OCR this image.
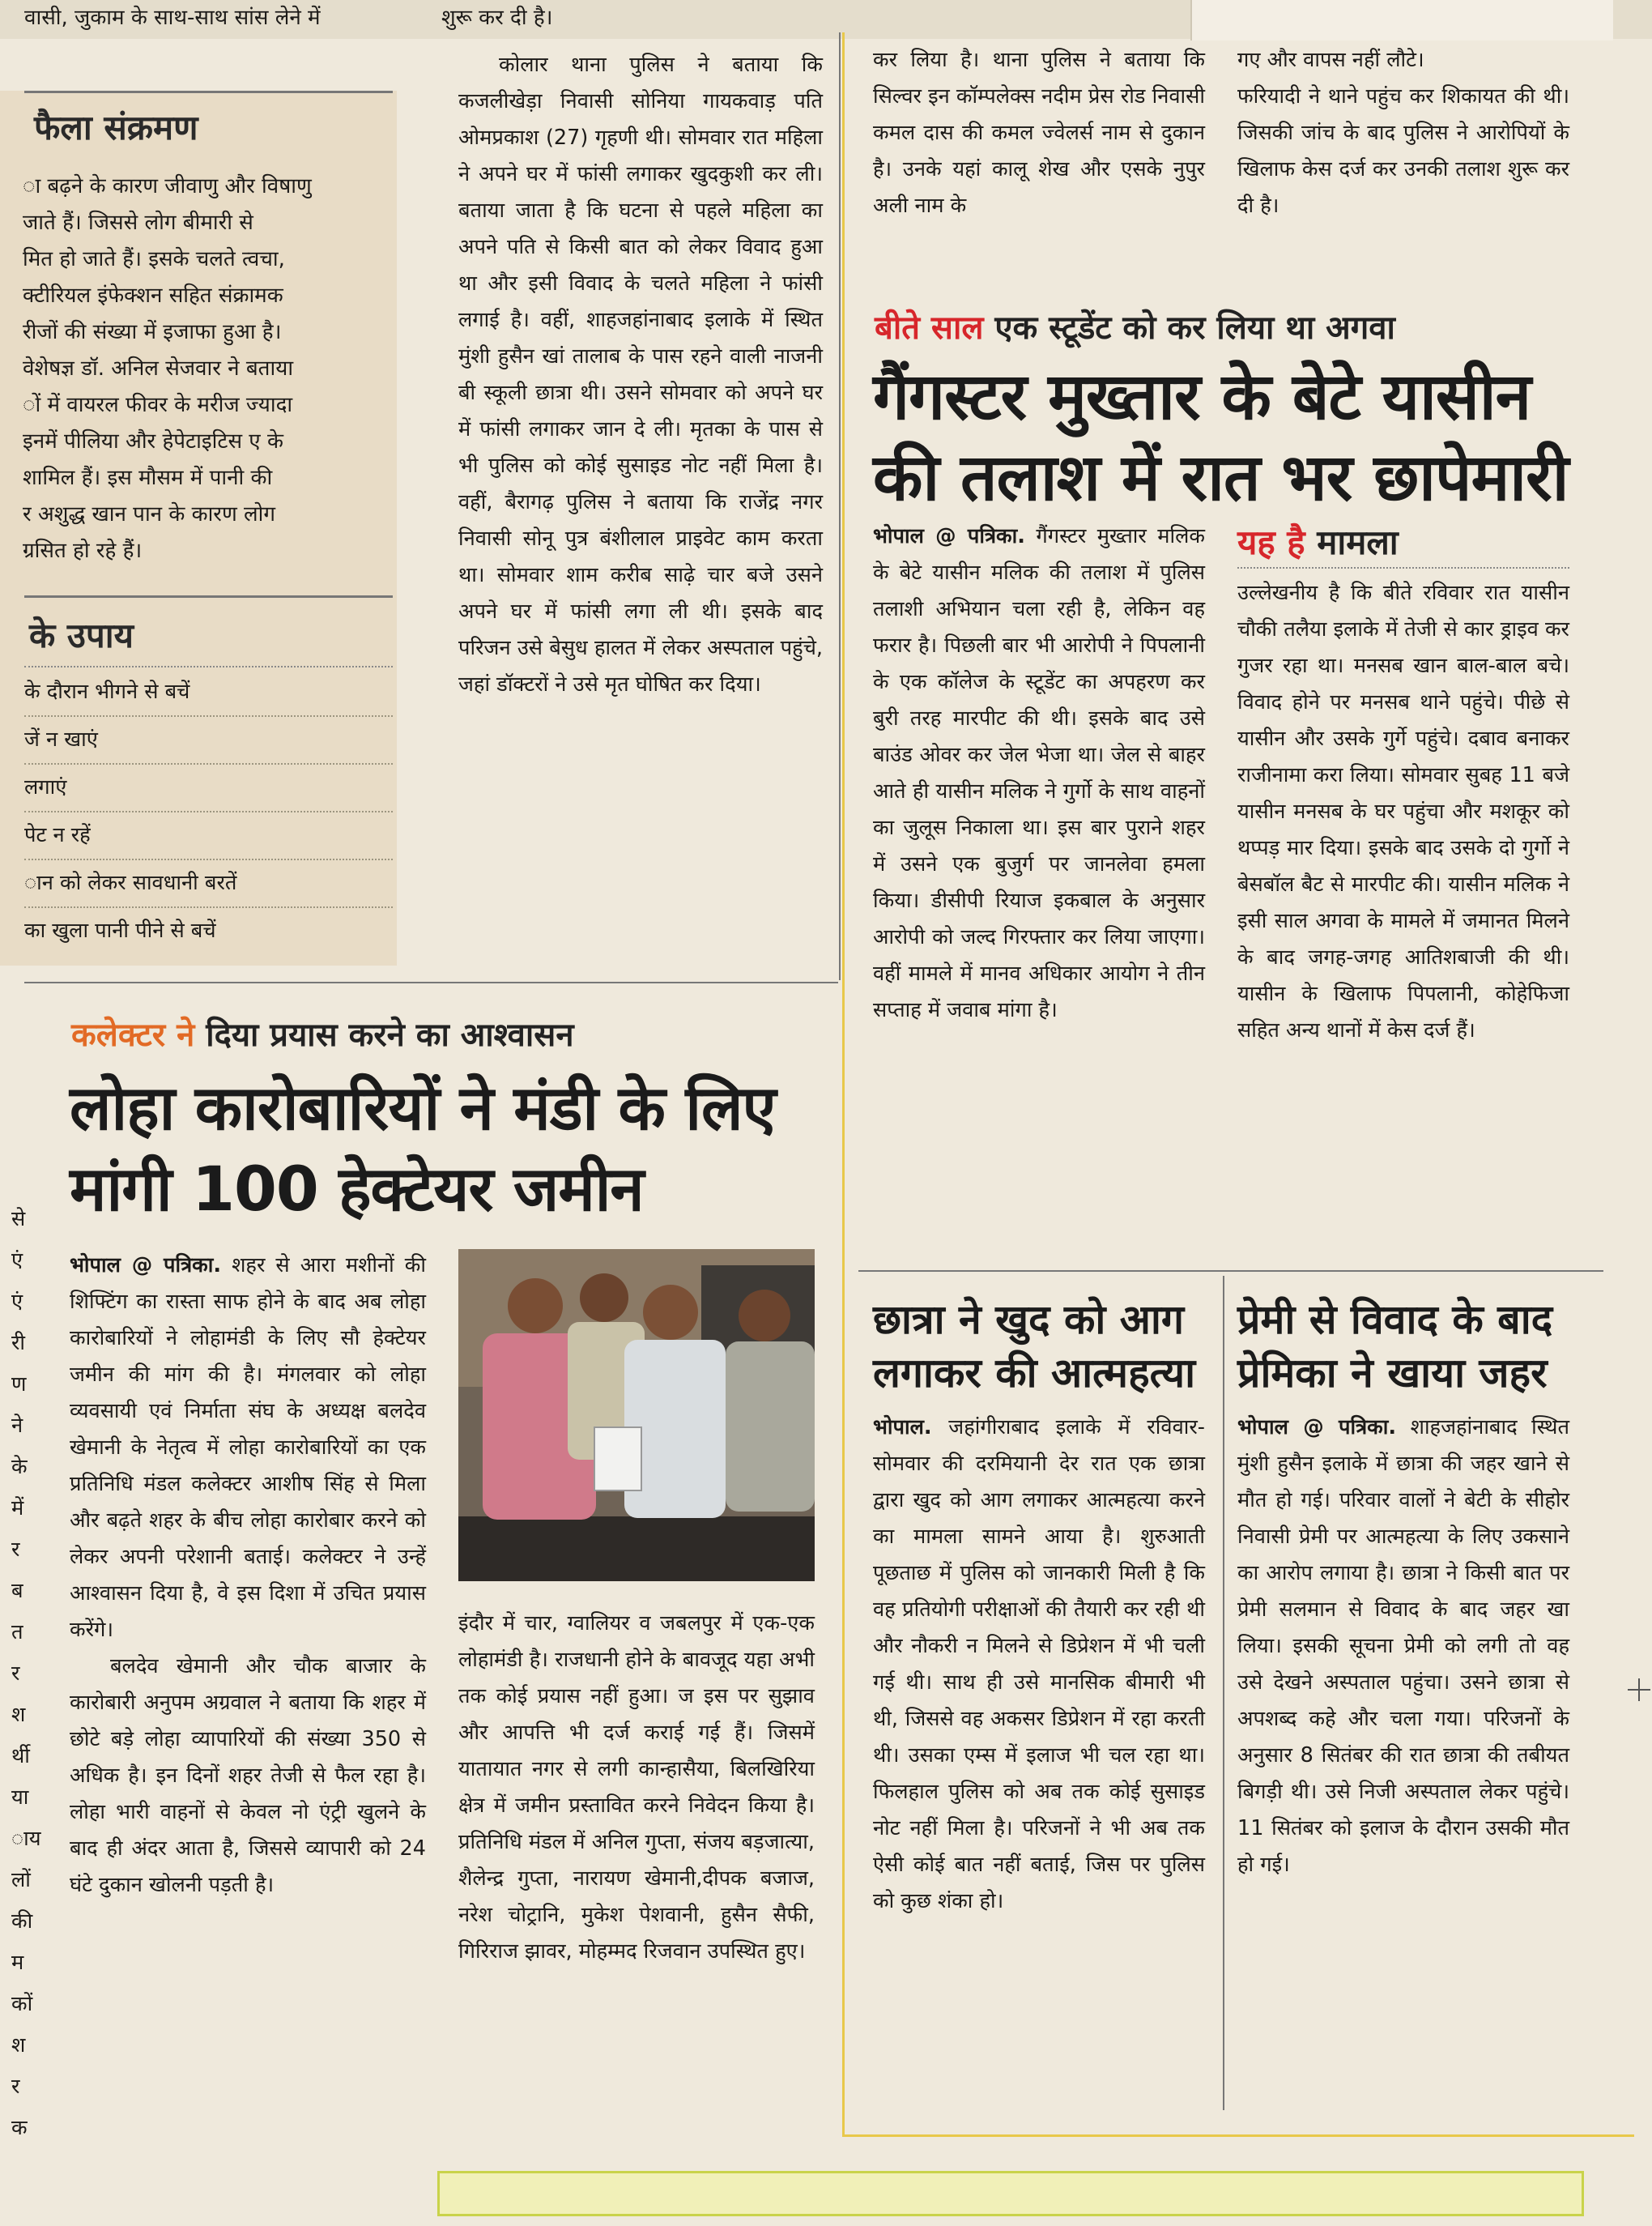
वासी, जुकाम के साथ-साथ सांस लेने में	शुरू कर दी है।
गए और वापस नहीं लौटे।
फैला संक्रमण
ा बढ़ने के कारण जीवाणु और विषाणु
जाते हैं। जिससे लोग बीमारी से
मित हो जाते हैं। इसके चलते त्वचा,
क्टीरियल इंफेक्शन सहित संक्रामक
रीजों की संख्या में इजाफा हुआ है।
वेशेषज्ञ डॉ. अनिल सेजवार ने बताया
ों में वायरल फीवर के मरीज ज्यादा
इनमें पीलिया और हेपेटाइटिस ए के
शामिल हैं। इस मौसम में पानी की
र अशुद्ध खान पान के कारण लोग
ग्रसित हो रहे हैं।
के उपाय
के दौरान भीगने से बचें
जें न खाएं
लगाएं
पेट न रहें
ान को लेकर सावधानी बरतें
का खुला पानी पीने से बचें

कोलार थाना पुलिस ने बताया कि कजलीखेड़ा निवासी सोनिया गायकवाड़ पति ओमप्रकाश (27) गृहणी थी। सोमवार रात महिला ने अपने घर में फांसी लगाकर खुदकुशी कर ली। बताया जाता है कि घटना से पहले महिला का अपने पति से किसी बात को लेकर विवाद हुआ था और इसी विवाद के चलते महिला ने फांसी लगाई है। वहीं, शाहजहांनाबाद इलाके में स्थित मुंशी हुसैन खां तालाब के पास रहने वाली नाजनी बी स्कूली छात्रा थी। उसने सोमवार को अपने घर में फांसी लगाकर जान दे ली। मृतका के पास से भी पुलिस को कोई सुसाइड नोट नहीं मिला है। वहीं, बैरागढ़ पुलिस ने बताया कि राजेंद्र नगर निवासी सोनू पुत्र बंशीलाल प्राइवेट काम करता था। सोमवार शाम करीब साढ़े चार बजे उसने अपने घर में फांसी लगा ली थी। इसके बाद परिजन उसे बेसुध हालत में लेकर अस्पताल पहुंचे, जहां डॉक्टरों ने उसे मृत घोषित कर दिया।

कर लिया है। थाना पुलिस ने बताया कि सिल्वर इन कॉम्पलेक्स नदीम प्रेस रोड निवासी कमल दास की कमल ज्वेलर्स नाम से दुकान है। उनके यहां कालू शेख और एसके नुपुर अली नाम के

फरियादी ने थाने पहुंच कर शिकायत की थी। जिसकी जांच के बाद पुलिस ने आरोपियों के खिलाफ केस दर्ज कर उनकी तलाश शुरू कर दी है।

बीते साल एक स्टूडेंट को कर लिया था अगवा
गैंगस्टर मुख्तार के बेटे यासीन
की तलाश में रात भर छापेमारी

भोपाल @ पत्रिका. गैंगस्टर मुख्तार मलिक के बेटे यासीन मलिक की तलाश में पुलिस तलाशी अभियान चला रही है, लेकिन वह फरार है। पिछली बार भी आरोपी ने पिपलानी के एक कॉलेज के स्टूडेंट का अपहरण कर बुरी तरह मारपीट की थी। इसके बाद उसे बाउंड ओवर कर जेल भेजा था। जेल से बाहर आते ही यासीन मलिक ने गुर्गो के साथ वाहनों का जुलूस निकाला था। इस बार पुराने शहर में उसने एक बुजुर्ग पर जानलेवा हमला किया। डीसीपी रियाज इकबाल के अनुसार आरोपी को जल्द गिरफ्तार कर लिया जाएगा। वहीं मामले में मानव अधिकार आयोग ने तीन सप्ताह में जवाब मांगा है।

यह है मामला

उल्लेखनीय है कि बीते रविवार रात यासीन चौकी तलैया इलाके में तेजी से कार ड्राइव कर गुजर रहा था। मनसब खान बाल-बाल बचे। विवाद होने पर मनसब थाने पहुंचे। पीछे से यासीन और उसके गुर्गे पहुंचे। दबाव बनाकर राजीनामा करा लिया। सोमवार सुबह 11 बजे यासीन मनसब के घर पहुंचा और मशकूर को थप्पड़ मार दिया। इसके बाद उसके दो गुर्गो ने बेसबॉल बैट से मारपीट की। यासीन मलिक ने इसी साल अगवा के मामले में जमानत मिलने के बाद जगह-जगह आतिशबाजी की थी। यासीन के खिलाफ पिपलानी, कोहेफिजा सहित अन्य थानों में केस दर्ज हैं।

कलेक्टर ने दिया प्रयास करने का आश्वासन
लोहा कारोबारियों ने मंडी के लिए
मांगी 100 हेक्टेयर जमीन
से
एं
एं
री
ण
ने
के
में
र
ब
त
र
श
र्थी
या
ाय
लों
की
म
कों
श
र
क

भोपाल @ पत्रिका. शहर से आरा मशीनों की शिफ्टिंग का रास्ता साफ होने के बाद अब लोहा कारोबारियों ने लोहामंडी के लिए सौ हेक्टेयर जमीन की मांग की है। मंगलवार को लोहा व्यवसायी एवं निर्माता संघ के अध्यक्ष बलदेव खेमानी के नेतृत्व में लोहा कारोबारियों का एक प्रतिनिधि मंडल कलेक्टर आशीष सिंह से मिला और बढ़ते शहर के बीच लोहा कारोबार करने को लेकर अपनी परेशानी बताई। कलेक्टर ने उन्हें आश्वासन दिया है, वे इस दिशा में उचित प्रयास करेंगे।

बलदेव खेमानी और चौक बाजार के कारोबारी अनुपम अग्रवाल ने बताया कि शहर में छोटे बड़े लोहा व्यापारियों की संख्या 350 से अधिक है। इन दिनों शहर तेजी से फैल रहा है। लोहा भारी वाहनों से केवल नो एंट्री खुलने के बाद ही अंदर आता है, जिससे व्यापारी को 24 घंटे दुकान खोलनी पड़ती है।

इंदौर में चार, ग्वालियर व जबलपुर में एक-एक लोहामंडी है। राजधानी होने के बावजूद यहा अभी तक कोई प्रयास नहीं हुआ। ज इस पर सुझाव और आपत्ति भी दर्ज कराई गई हैं। जिसमें यातायात नगर से लगी कान्हासैया, बिलखिरिया क्षेत्र में जमीन प्रस्तावित करने निवेदन किया है। प्रतिनिधि मंडल में अनिल गुप्ता, संजय बड़जात्या, शैलेन्द्र गुप्ता, नारायण खेमानी,दीपक बजाज, नरेश चोट्रानि, मुकेश पेशवानी, हुसैन सैफी, गिरिराज झावर, मोहम्मद रिजवान उपस्थित हुए।

छात्रा ने खुद को आग
लगाकर की आत्महत्या

भोपाल. जहांगीराबाद इलाके में रविवार-सोमवार की दरमियानी देर रात एक छात्रा द्वारा खुद को आग लगाकर आत्महत्या करने का मामला सामने आया है। शुरुआती पूछताछ में पुलिस को जानकारी मिली है कि वह प्रतियोगी परीक्षाओं की तैयारी कर रही थी और नौकरी न मिलने से डिप्रेशन में भी चली गई थी। साथ ही उसे मानसिक बीमारी भी थी, जिससे वह अकसर डिप्रेशन में रहा करती थी। उसका एम्स में इलाज भी चल रहा था। फिलहाल पुलिस को अब तक कोई सुसाइड नोट नहीं मिला है। परिजनों ने भी अब तक ऐसी कोई बात नहीं बताई, जिस पर पुलिस को कुछ शंका हो।

प्रेमी से विवाद के बाद
प्रेमिका ने खाया जहर

भोपाल @ पत्रिका. शाहजहांनाबाद स्थित मुंशी हुसैन इलाके में छात्रा की जहर खाने से मौत हो गई। परिवार वालों ने बेटी के सीहोर निवासी प्रेमी पर आत्महत्या के लिए उकसाने का आरोप लगाया है। छात्रा ने किसी बात पर प्रेमी सलमान से विवाद के बाद जहर खा लिया। इसकी सूचना प्रेमी को लगी तो वह उसे देखने अस्पताल पहुंचा। उसने छात्रा से अपशब्द कहे और चला गया। परिजनों के अनुसार 8 सितंबर की रात छात्रा की तबीयत बिगड़ी थी। उसे निजी अस्पताल लेकर पहुंचे। 11 सितंबर को इलाज के दौरान उसकी मौत हो गई।
